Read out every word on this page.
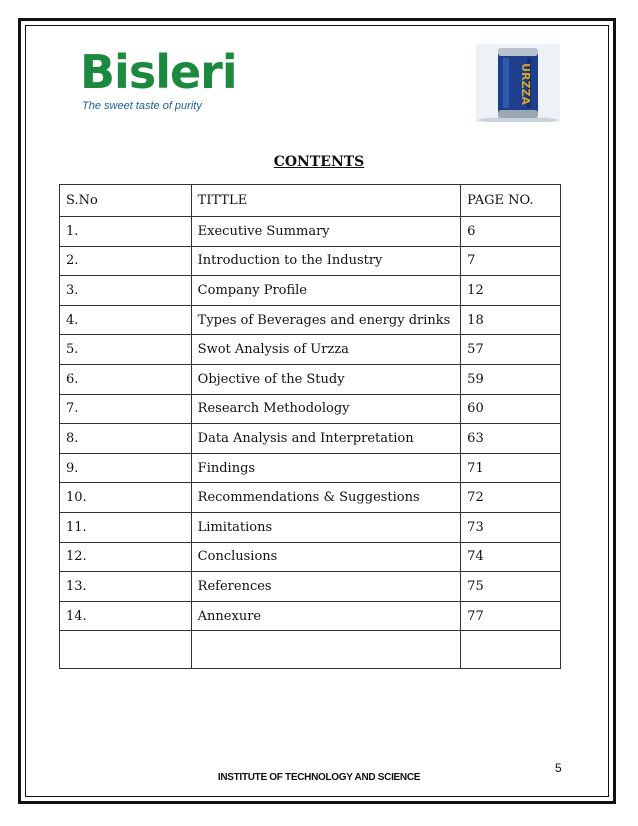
Bisleri
The sweet taste of purity
URZZA
CONTENTS
S.No	TITTLE	PAGE NO.
1.	Executive Summary	6
2.	Introduction to the Industry	7
3.	Company Profile	12
4.	Types of Beverages and energy drinks	18
5.	Swot Analysis of Urzza	57
6.	Objective of the Study	59
7.	Research Methodology	60
8.	Data Analysis and Interpretation	63
9.	Findings	71
10.	Recommendations & Suggestions	72
11.	Limitations	73
12.	Conclusions	74
13.	References	75
14.	Annexure	77

5
INSTITUTE OF TECHNOLOGY AND SCIENCE
